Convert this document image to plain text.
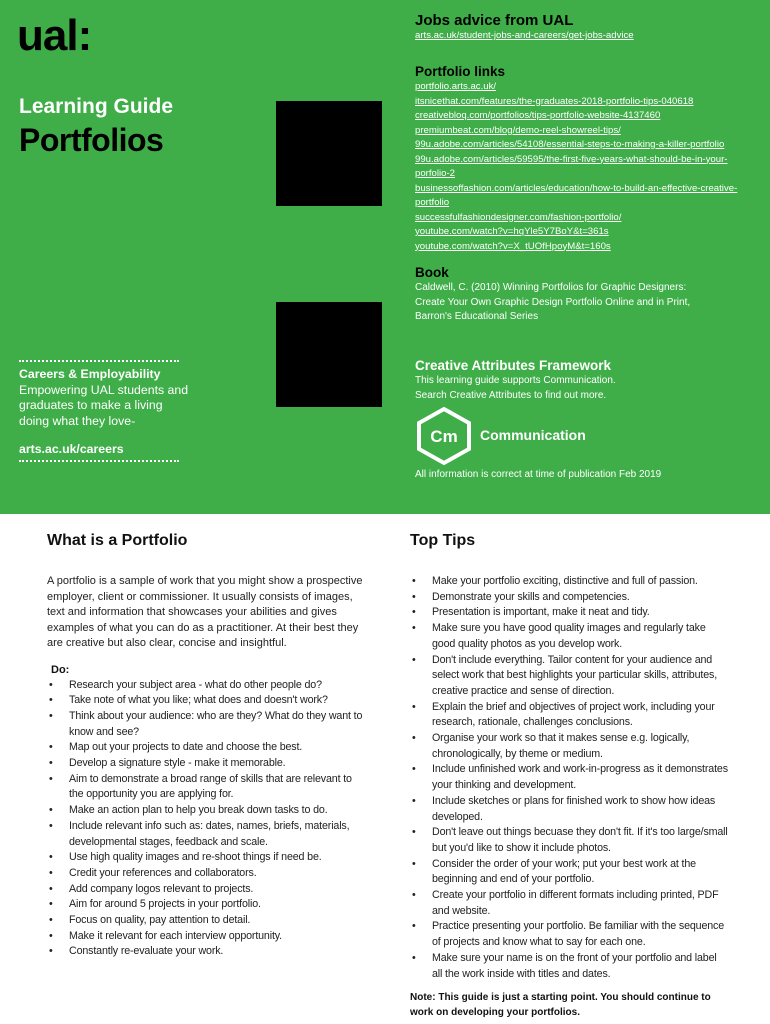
ual:
Learning Guide
Portfolios
Careers & Employability
Empowering UAL students and graduates to make a living doing what they love-
arts.ac.uk/careers
Jobs advice from UAL
arts.ac.uk/student-jobs-and-careers/get-jobs-advice
Portfolio links
portfolio.arts.ac.uk/
itsnicethat.com/features/the-graduates-2018-portfolio-tips-040618
creativebloq.com/portfolios/tips-portfolio-website-4137460
premiumbeat.com/blog/demo-reel-showreel-tips/
99u.adobe.com/articles/54108/essential-steps-to-making-a-killer-portfolio
99u.adobe.com/articles/59595/the-first-five-years-what-should-be-in-your-
porfolio-2
businessoffashion.com/articles/education/how-to-build-an-effective-creative-
portfolio
successfulfashiondesigner.com/fashion-portfolio/
youtube.com/watch?v=hqYle5Y7BoY&t=361s
youtube.com/watch?v=X_tUOfHpoyM&t=160s
Book
Caldwell, C. (2010) Winning Portfolios for Graphic Designers:
Create Your Own Graphic Design Portfolio Online and in Print,
Barron's Educational Series
Creative Attributes Framework
This learning guide supports Communication.
Search Creative Attributes to find out more.
Cm Communication
All information is correct at time of publication Feb 2019
What is a Portfolio

A portfolio is a sample of work that you might show a prospective employer, client or commissioner. It usually consists of images, text and information that showcases your abilities and gives examples of what you can do as a practitioner. At their best they are creative but also clear, concise and insightful.

Do:
• Research your subject area - what do other people do?
• Take note of what you like; what does and doesn't work?
• Think about your audience: who are they? What do they want to know and see?
• Map out your projects to date and choose the best.
• Develop a signature style - make it memorable.
• Aim to demonstrate a broad range of skills that are relevant to the opportunity you are applying for.
• Make an action plan to help you break down tasks to do.
• Include relevant info such as: dates, names, briefs, materials, developmental stages, feedback and scale.
• Use high quality images and re-shoot things if need be.
• Credit your references and collaborators.
• Add company logos relevant to projects.
• Aim for around 5 projects in your portfolio.
• Focus on quality, pay attention to detail.
• Make it relevant for each interview opportunity.
• Constantly re-evaluate your work.
Top Tips
• Make your portfolio exciting, distinctive and full of passion.
• Demonstrate your skills and competencies.
• Presentation is important, make it neat and tidy.
• Make sure you have good quality images and regularly take good quality photos as you develop work.
• Don't include everything. Tailor content for your audience and select work that best highlights your particular skills, attributes, creative practice and sense of direction.
• Explain the brief and objectives of project work, including your research, rationale, challenges conclusions.
• Organise your work so that it makes sense e.g. logically, chronologically, by theme or medium.
• Include unfinished work and work-in-progress as it demonstrates your thinking and development.
• Include sketches or plans for finished work to show how ideas developed.
• Don't leave out things becuase they don't fit. If it's too large/small but you'd like to show it include photos.
• Consider the order of your work; put your best work at the beginning and end of your portfolio.
• Create your portfolio in different formats including printed, PDF and website.
• Practice presenting your portfolio. Be familiar with the sequence of projects and know what to say for each one.
• Make sure your name is on the front of your portfolio and label all the work inside with titles and dates.
Note: This guide is just a starting point. You should continue to work on developing your portfolios.
